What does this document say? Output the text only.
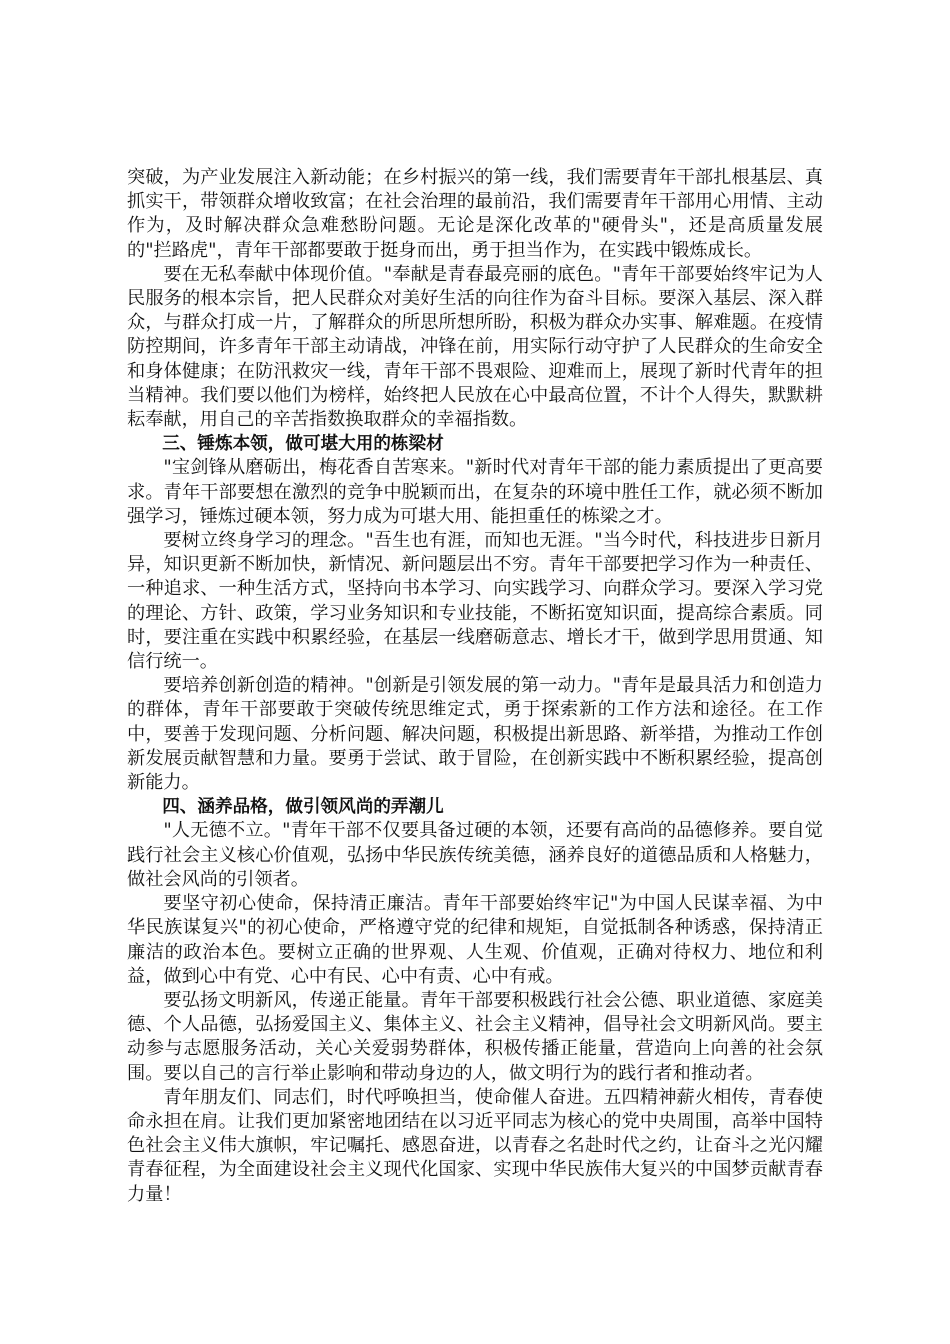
突破，为产业发展注入新动能；在乡村振兴的第一线，我们需要青年干部扎根基层、真抓实干，带领群众增收致富；在社会治理的最前沿，我们需要青年干部用心用情、主动作为，及时解决群众急难愁盼问题。无论是深化改革的"硬骨头"，还是高质量发展的"拦路虎"，青年干部都要敢于挺身而出，勇于担当作为，在实践中锻炼成长。

要在无私奉献中体现价值。"奉献是青春最亮丽的底色。"青年干部要始终牢记为人民服务的根本宗旨，把人民群众对美好生活的向往作为奋斗目标。要深入基层、深入群众，与群众打成一片，了解群众的所思所想所盼，积极为群众办实事、解难题。在疫情防控期间，许多青年干部主动请战，冲锋在前，用实际行动守护了人民群众的生命安全和身体健康；在防汛救灾一线，青年干部不畏艰险、迎难而上，展现了新时代青年的担当精神。我们要以他们为榜样，始终把人民放在心中最高位置，不计个人得失，默默耕耘奉献，用自己的辛苦指数换取群众的幸福指数。

三、锤炼本领，做可堪大用的栋梁材

"宝剑锋从磨砺出，梅花香自苦寒来。"新时代对青年干部的能力素质提出了更高要求。青年干部要想在激烈的竞争中脱颖而出，在复杂的环境中胜任工作，就必须不断加强学习，锤炼过硬本领，努力成为可堪大用、能担重任的栋梁之才。

要树立终身学习的理念。"吾生也有涯，而知也无涯。"当今时代，科技进步日新月异，知识更新不断加快，新情况、新问题层出不穷。青年干部要把学习作为一种责任、一种追求、一种生活方式，坚持向书本学习、向实践学习、向群众学习。要深入学习党的理论、方针、政策，学习业务知识和专业技能，不断拓宽知识面，提高综合素质。同时，要注重在实践中积累经验，在基层一线磨砺意志、增长才干，做到学思用贯通、知信行统一。

要培养创新创造的精神。"创新是引领发展的第一动力。"青年是最具活力和创造力的群体，青年干部要敢于突破传统思维定式，勇于探索新的工作方法和途径。在工作中，要善于发现问题、分析问题、解决问题，积极提出新思路、新举措，为推动工作创新发展贡献智慧和力量。要勇于尝试、敢于冒险，在创新实践中不断积累经验，提高创新能力。

四、涵养品格，做引领风尚的弄潮儿

"人无德不立。"青年干部不仅要具备过硬的本领，还要有高尚的品德修养。要自觉践行社会主义核心价值观，弘扬中华民族传统美德，涵养良好的道德品质和人格魅力，做社会风尚的引领者。

要坚守初心使命，保持清正廉洁。青年干部要始终牢记"为中国人民谋幸福、为中华民族谋复兴"的初心使命，严格遵守党的纪律和规矩，自觉抵制各种诱惑，保持清正廉洁的政治本色。要树立正确的世界观、人生观、价值观，正确对待权力、地位和利益，做到心中有党、心中有民、心中有责、心中有戒。

要弘扬文明新风，传递正能量。青年干部要积极践行社会公德、职业道德、家庭美德、个人品德，弘扬爱国主义、集体主义、社会主义精神，倡导社会文明新风尚。要主动参与志愿服务活动，关心关爱弱势群体，积极传播正能量，营造向上向善的社会氛围。要以自己的言行举止影响和带动身边的人，做文明行为的践行者和推动者。

青年朋友们、同志们，时代呼唤担当，使命催人奋进。五四精神薪火相传，青春使命永担在肩。让我们更加紧密地团结在以习近平同志为核心的党中央周围，高举中国特色社会主义伟大旗帜，牢记嘱托、感恩奋进，以青春之名赴时代之约，让奋斗之光闪耀青春征程，为全面建设社会主义现代化国家、实现中华民族伟大复兴的中国梦贡献青春力量！
